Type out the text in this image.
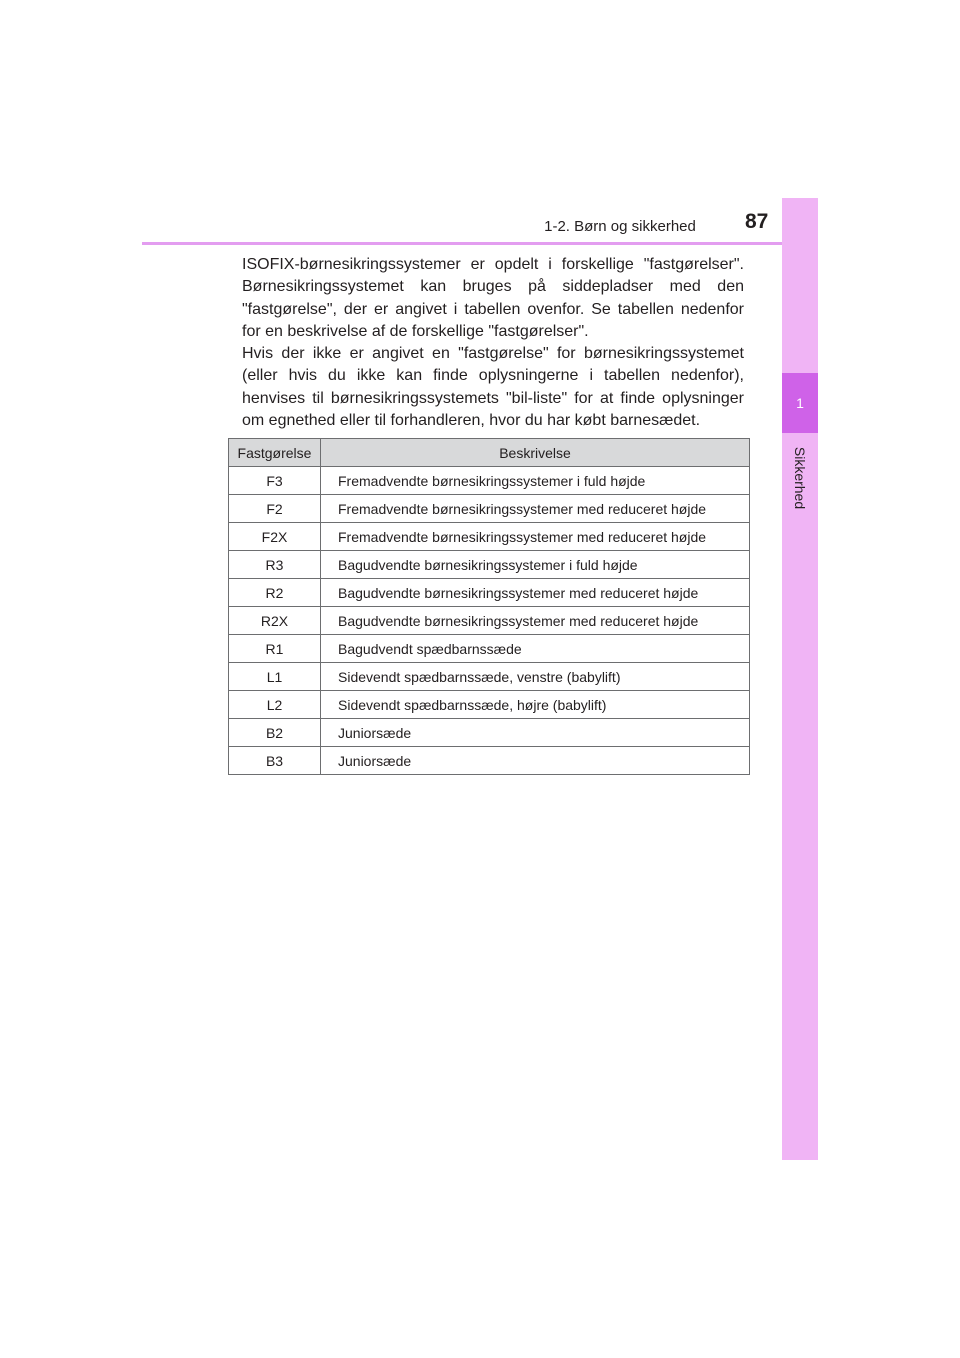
1-2. Børn og sikkerhed 87
1
Sikkerhed

ISOFIX-børnesikringssystemer er opdelt i forskellige "fastgørelser". Børnesikringssystemet kan bruges på siddepladser med den "fastgørelse", der er angivet i tabellen ovenfor. Se tabellen nedenfor for en beskrivelse af de forskellige "fastgørelser".

Hvis der ikke er angivet en "fastgørelse" for børnesikringssystemet (eller hvis du ikke kan finde oplysningerne i tabellen nedenfor), henvises til børnesikringssystemets "bil-liste" for at finde oplysninger om egnethed eller til forhandleren, hvor du har købt barnesædet.

Fastgørelse	Beskrivelse
F3	Fremadvendte børnesikringssystemer i fuld højde
F2	Fremadvendte børnesikringssystemer med reduceret højde
F2X	Fremadvendte børnesikringssystemer med reduceret højde
R3	Bagudvendte børnesikringssystemer i fuld højde
R2	Bagudvendte børnesikringssystemer med reduceret højde
R2X	Bagudvendte børnesikringssystemer med reduceret højde
R1	Bagudvendt spædbarnssæde
L1	Sidevendt spædbarnssæde, venstre (babylift)
L2	Sidevendt spædbarnssæde, højre (babylift)
B2	Juniorsæde
B3	Juniorsæde
